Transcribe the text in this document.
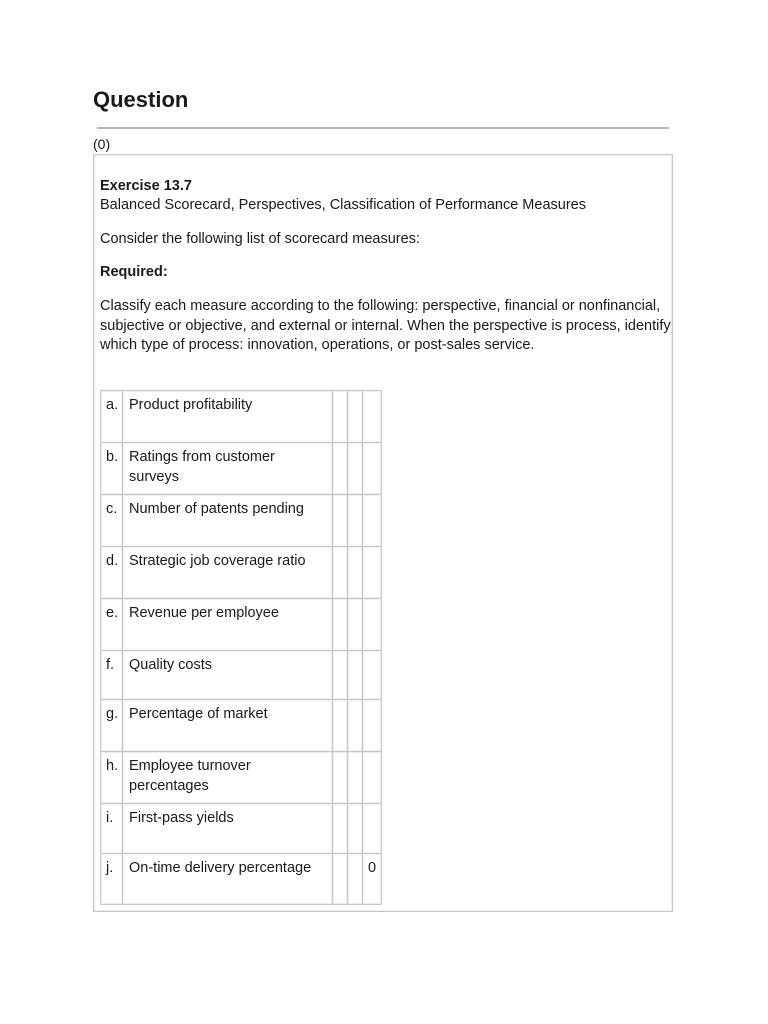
Question
(0)

Exercise 13.7

Balanced Scorecard, Perspectives, Classification of Performance Measures

Consider the following list of scorecard measures:

Required:

Classify each measure according to the following: perspective, financial or nonfinancial, subjective or objective, and external or internal. When the perspective is process, identify which type of process: innovation, operations, or post-sales service.

a.	Product profitability			
b.	Ratings from customer surveys			
c.	Number of patents pending			
d.	Strategic job coverage ratio			
e.	Revenue per employee			
f.	Quality costs			
g.	Percentage of market			
h.	Employee turnover percentages			
i.	First-pass yields			
j.	On-time delivery percentage			0
